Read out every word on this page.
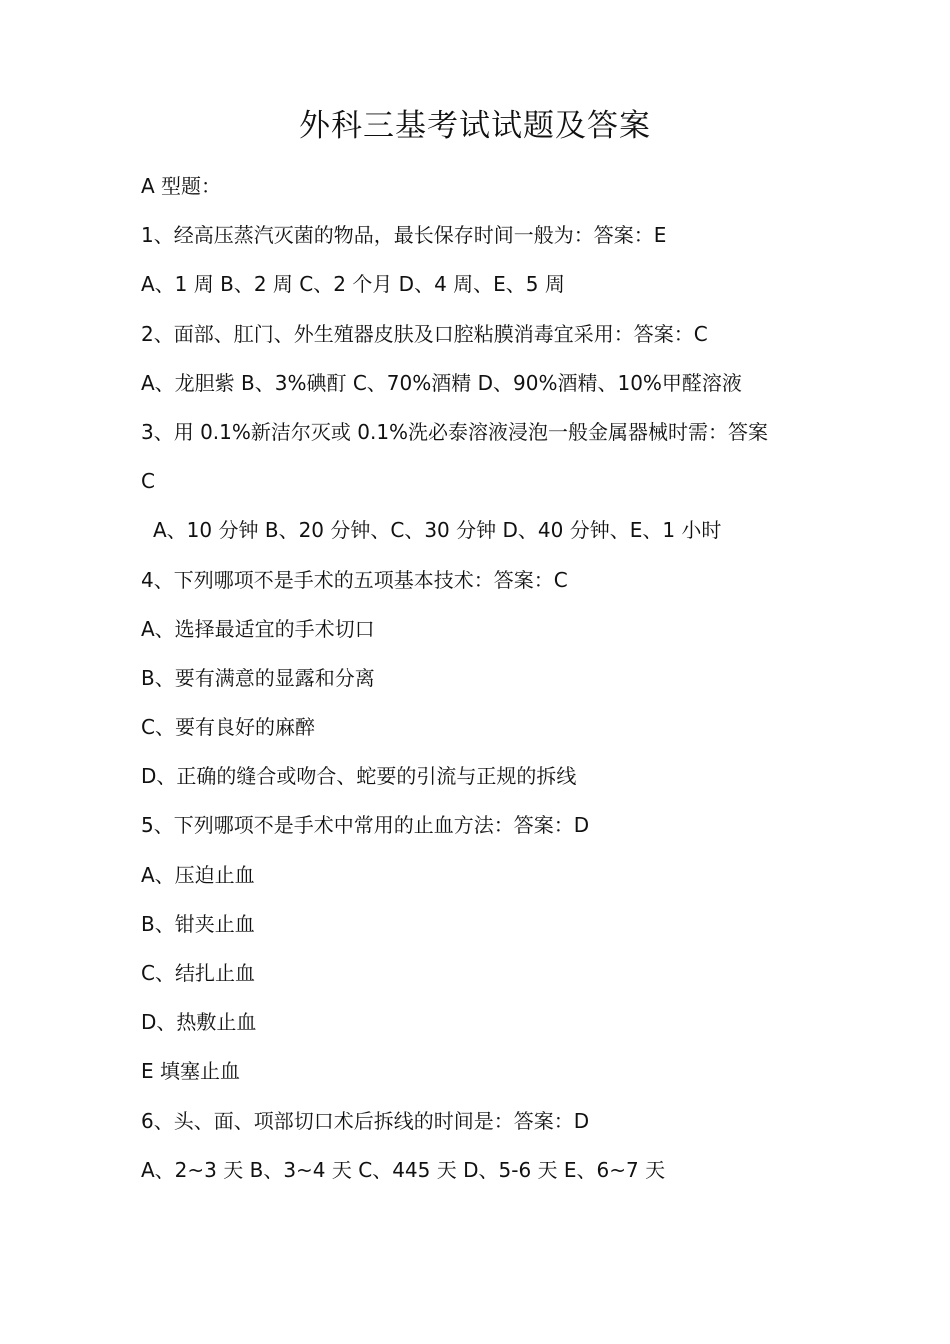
外科三基考试试题及答案
A 型题：
1、经高压蒸汽灭菌的物品，最长保存时间一般为：答案：E
A、1 周 B、2 周 C、2 个月 D、4 周、E、5 周
2、面部、肛门、外生殖器皮肤及口腔粘膜消毒宜采用：答案：C
A、龙胆紫 B、3%碘酊 C、70%酒精 D、90%酒精、10%甲醛溶液
3、用 0.1%新洁尔灭或 0.1%洗必泰溶液浸泡一般金属器械时需：答案
C
A、10 分钟 B、20 分钟、C、30 分钟 D、40 分钟、E、1 小时
4、下列哪项不是手术的五项基本技术：答案：C
A、选择最适宜的手术切口
B、要有满意的显露和分离
C、要有良好的麻醉
D、正确的缝合或吻合、蛇要的引流与正规的拆线
5、下列哪项不是手术中常用的止血方法：答案：D
A、压迫止血
B、钳夹止血
C、结扎止血
D、热敷止血
E 填塞止血
6、头、面、项部切口术后拆线的时间是：答案：D
A、2~3 天 B、3~4 天 C、445 天 D、5-6 天 E、6~7 天
